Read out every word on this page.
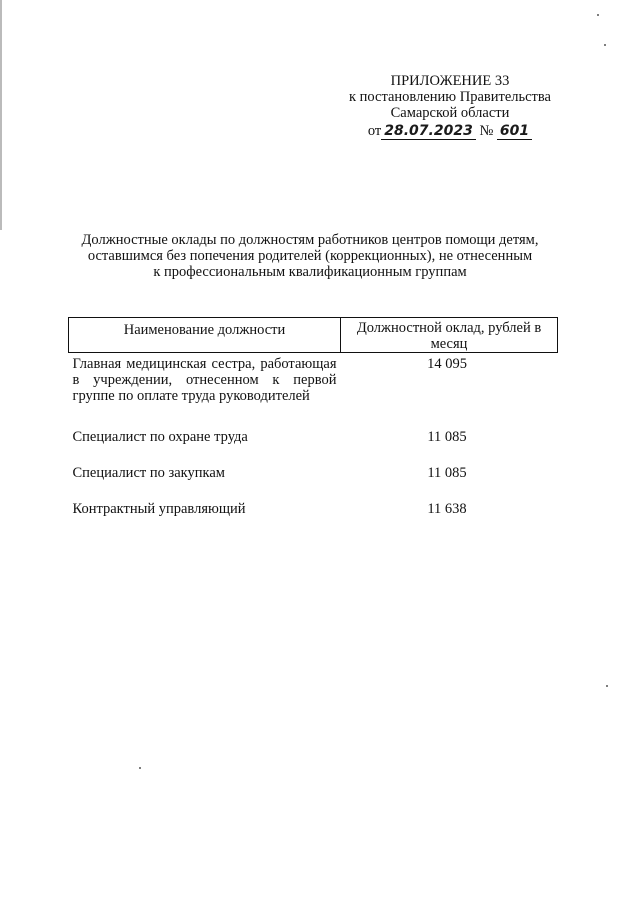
ПРИЛОЖЕНИЕ 33
к постановлению Правительства
Самарской области
от 28.07.2023 № 601
Должностные оклады по должностям работников центров помощи детям,
оставшимся без попечения родителей (коррекционных), не отнесенным
к профессиональным квалификационным группам
Наименование должности	Должностной оклад, рублей в месяц
Главная медицинская сестра, работающая в учреждении, отнесенном к первой группе по оплате труда руководителей	14 095
Специалист по охране труда	11 085
Специалист по закупкам	11 085
Контрактный управляющий	11 638
